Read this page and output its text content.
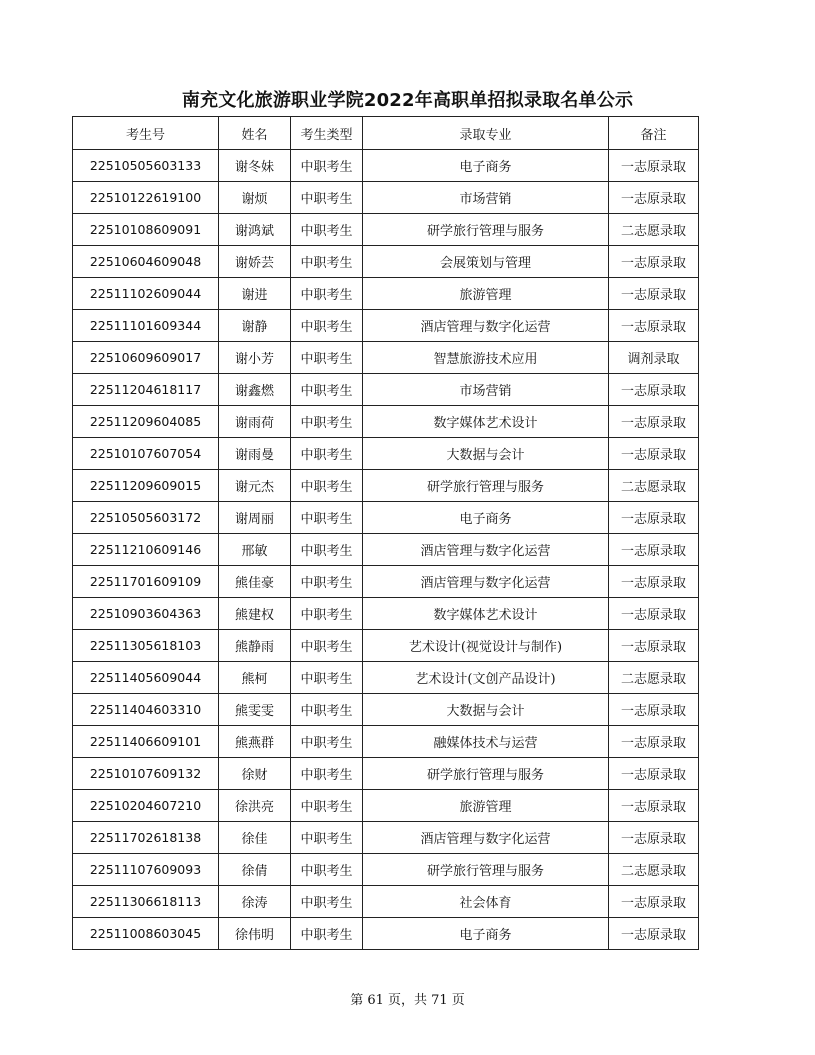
南充文化旅游职业学院2022年高职单招拟录取名单公示
考生号	姓名	考生类型	录取专业	备注
22510505603133	谢冬妹	中职考生	电子商务	一志原录取
22510122619100	谢烦	中职考生	市场营销	一志原录取
22510108609091	谢鸿斌	中职考生	研学旅行管理与服务	二志愿录取
22510604609048	谢娇芸	中职考生	会展策划与管理	一志原录取
22511102609044	谢进	中职考生	旅游管理	一志原录取
22511101609344	谢静	中职考生	酒店管理与数字化运营	一志原录取
22510609609017	谢小芳	中职考生	智慧旅游技术应用	调剂录取
22511204618117	谢鑫燃	中职考生	市场营销	一志原录取
22511209604085	谢雨荷	中职考生	数字媒体艺术设计	一志原录取
22510107607054	谢雨曼	中职考生	大数据与会计	一志原录取
22511209609015	谢元杰	中职考生	研学旅行管理与服务	二志愿录取
22510505603172	谢周丽	中职考生	电子商务	一志原录取
22511210609146	邢敏	中职考生	酒店管理与数字化运营	一志原录取
22511701609109	熊佳豪	中职考生	酒店管理与数字化运营	一志原录取
22510903604363	熊建权	中职考生	数字媒体艺术设计	一志原录取
22511305618103	熊静雨	中职考生	艺术设计(视觉设计与制作)	一志原录取
22511405609044	熊柯	中职考生	艺术设计(文创产品设计)	二志愿录取
22511404603310	熊雯雯	中职考生	大数据与会计	一志原录取
22511406609101	熊燕群	中职考生	融媒体技术与运营	一志原录取
22510107609132	徐财	中职考生	研学旅行管理与服务	一志原录取
22510204607210	徐洪亮	中职考生	旅游管理	一志原录取
22511702618138	徐佳	中职考生	酒店管理与数字化运营	一志原录取
22511107609093	徐倩	中职考生	研学旅行管理与服务	二志愿录取
22511306618113	徐涛	中职考生	社会体育	一志原录取
22511008603045	徐伟明	中职考生	电子商务	一志原录取
第 61 页，共 71 页
